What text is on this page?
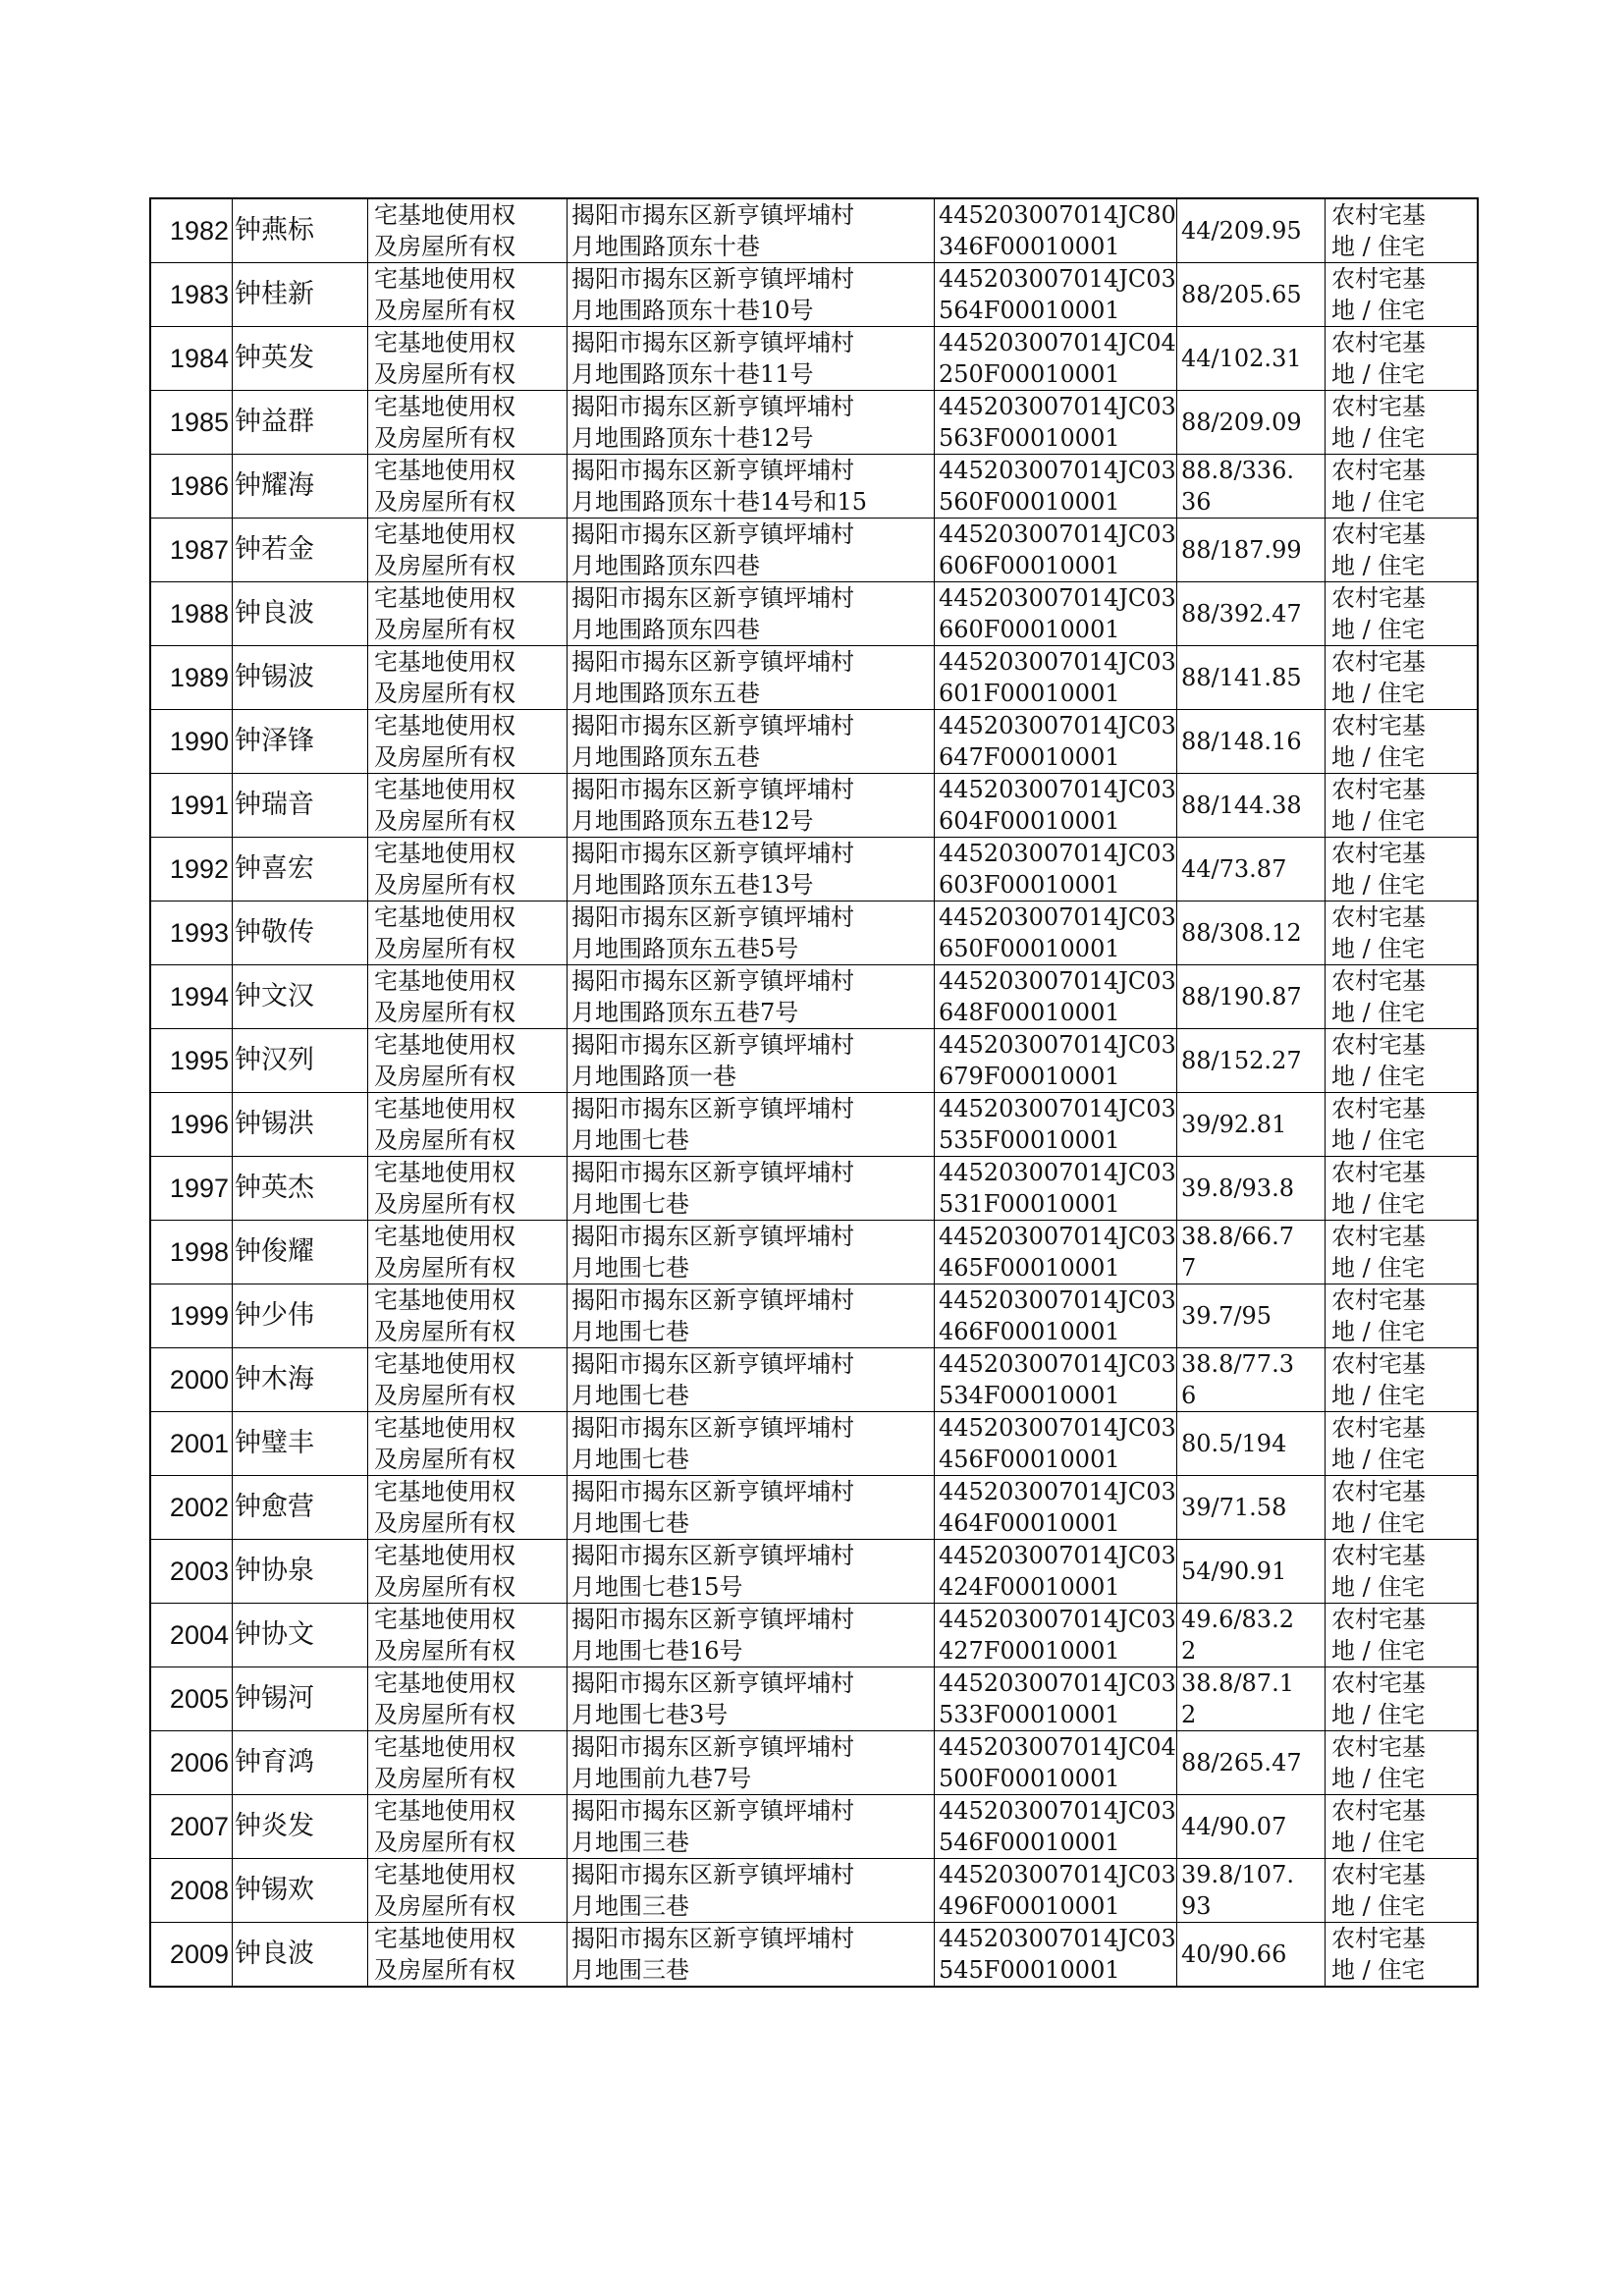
1982	钟燕标	宅基地使用权
及房屋所有权	揭阳市揭东区新亨镇坪埔村
月地围路顶东十巷	445203007014JC80
346F00010001	44/209.95	农村宅基
地 / 住宅

1983	钟桂新	宅基地使用权
及房屋所有权	揭阳市揭东区新亨镇坪埔村
月地围路顶东十巷10号	445203007014JC03
564F00010001	88/205.65	农村宅基
地 / 住宅

1984	钟英发	宅基地使用权
及房屋所有权	揭阳市揭东区新亨镇坪埔村
月地围路顶东十巷11号	445203007014JC04
250F00010001	44/102.31	农村宅基
地 / 住宅

1985	钟益群	宅基地使用权
及房屋所有权	揭阳市揭东区新亨镇坪埔村
月地围路顶东十巷12号	445203007014JC03
563F00010001	88/209.09	农村宅基
地 / 住宅

1986	钟耀海	宅基地使用权
及房屋所有权	揭阳市揭东区新亨镇坪埔村
月地围路顶东十巷14号和15	445203007014JC03
560F00010001	88.8/336.
36	农村宅基
地 / 住宅

1987	钟若金	宅基地使用权
及房屋所有权	揭阳市揭东区新亨镇坪埔村
月地围路顶东四巷	445203007014JC03
606F00010001	88/187.99	农村宅基
地 / 住宅

1988	钟良波	宅基地使用权
及房屋所有权	揭阳市揭东区新亨镇坪埔村
月地围路顶东四巷	445203007014JC03
660F00010001	88/392.47	农村宅基
地 / 住宅

1989	钟锡波	宅基地使用权
及房屋所有权	揭阳市揭东区新亨镇坪埔村
月地围路顶东五巷	445203007014JC03
601F00010001	88/141.85	农村宅基
地 / 住宅

1990	钟泽锋	宅基地使用权
及房屋所有权	揭阳市揭东区新亨镇坪埔村
月地围路顶东五巷	445203007014JC03
647F00010001	88/148.16	农村宅基
地 / 住宅

1991	钟瑞音	宅基地使用权
及房屋所有权	揭阳市揭东区新亨镇坪埔村
月地围路顶东五巷12号	445203007014JC03
604F00010001	88/144.38	农村宅基
地 / 住宅

1992	钟喜宏	宅基地使用权
及房屋所有权	揭阳市揭东区新亨镇坪埔村
月地围路顶东五巷13号	445203007014JC03
603F00010001	44/73.87	农村宅基
地 / 住宅

1993	钟敬传	宅基地使用权
及房屋所有权	揭阳市揭东区新亨镇坪埔村
月地围路顶东五巷5号	445203007014JC03
650F00010001	88/308.12	农村宅基
地 / 住宅

1994	钟文汉	宅基地使用权
及房屋所有权	揭阳市揭东区新亨镇坪埔村
月地围路顶东五巷7号	445203007014JC03
648F00010001	88/190.87	农村宅基
地 / 住宅

1995	钟汉列	宅基地使用权
及房屋所有权	揭阳市揭东区新亨镇坪埔村
月地围路顶一巷	445203007014JC03
679F00010001	88/152.27	农村宅基
地 / 住宅

1996	钟锡洪	宅基地使用权
及房屋所有权	揭阳市揭东区新亨镇坪埔村
月地围七巷	445203007014JC03
535F00010001	39/92.81	农村宅基
地 / 住宅

1997	钟英杰	宅基地使用权
及房屋所有权	揭阳市揭东区新亨镇坪埔村
月地围七巷	445203007014JC03
531F00010001	39.8/93.8	农村宅基
地 / 住宅

1998	钟俊耀	宅基地使用权
及房屋所有权	揭阳市揭东区新亨镇坪埔村
月地围七巷	445203007014JC03
465F00010001	38.8/66.7
7	农村宅基
地 / 住宅

1999	钟少伟	宅基地使用权
及房屋所有权	揭阳市揭东区新亨镇坪埔村
月地围七巷	445203007014JC03
466F00010001	39.7/95	农村宅基
地 / 住宅

2000	钟木海	宅基地使用权
及房屋所有权	揭阳市揭东区新亨镇坪埔村
月地围七巷	445203007014JC03
534F00010001	38.8/77.3
6	农村宅基
地 / 住宅

2001	钟璧丰	宅基地使用权
及房屋所有权	揭阳市揭东区新亨镇坪埔村
月地围七巷	445203007014JC03
456F00010001	80.5/194	农村宅基
地 / 住宅

2002	钟愈营	宅基地使用权
及房屋所有权	揭阳市揭东区新亨镇坪埔村
月地围七巷	445203007014JC03
464F00010001	39/71.58	农村宅基
地 / 住宅

2003	钟协泉	宅基地使用权
及房屋所有权	揭阳市揭东区新亨镇坪埔村
月地围七巷15号	445203007014JC03
424F00010001	54/90.91	农村宅基
地 / 住宅

2004	钟协文	宅基地使用权
及房屋所有权	揭阳市揭东区新亨镇坪埔村
月地围七巷16号	445203007014JC03
427F00010001	49.6/83.2
2	农村宅基
地 / 住宅

2005	钟锡河	宅基地使用权
及房屋所有权	揭阳市揭东区新亨镇坪埔村
月地围七巷3号	445203007014JC03
533F00010001	38.8/87.1
2	农村宅基
地 / 住宅

2006	钟育鸿	宅基地使用权
及房屋所有权	揭阳市揭东区新亨镇坪埔村
月地围前九巷7号	445203007014JC04
500F00010001	88/265.47	农村宅基
地 / 住宅

2007	钟炎发	宅基地使用权
及房屋所有权	揭阳市揭东区新亨镇坪埔村
月地围三巷	445203007014JC03
546F00010001	44/90.07	农村宅基
地 / 住宅

2008	钟锡欢	宅基地使用权
及房屋所有权	揭阳市揭东区新亨镇坪埔村
月地围三巷	445203007014JC03
496F00010001	39.8/107.
93	农村宅基
地 / 住宅

2009	钟良波	宅基地使用权
及房屋所有权	揭阳市揭东区新亨镇坪埔村
月地围三巷	445203007014JC03
545F00010001	40/90.66	农村宅基
地 / 住宅
